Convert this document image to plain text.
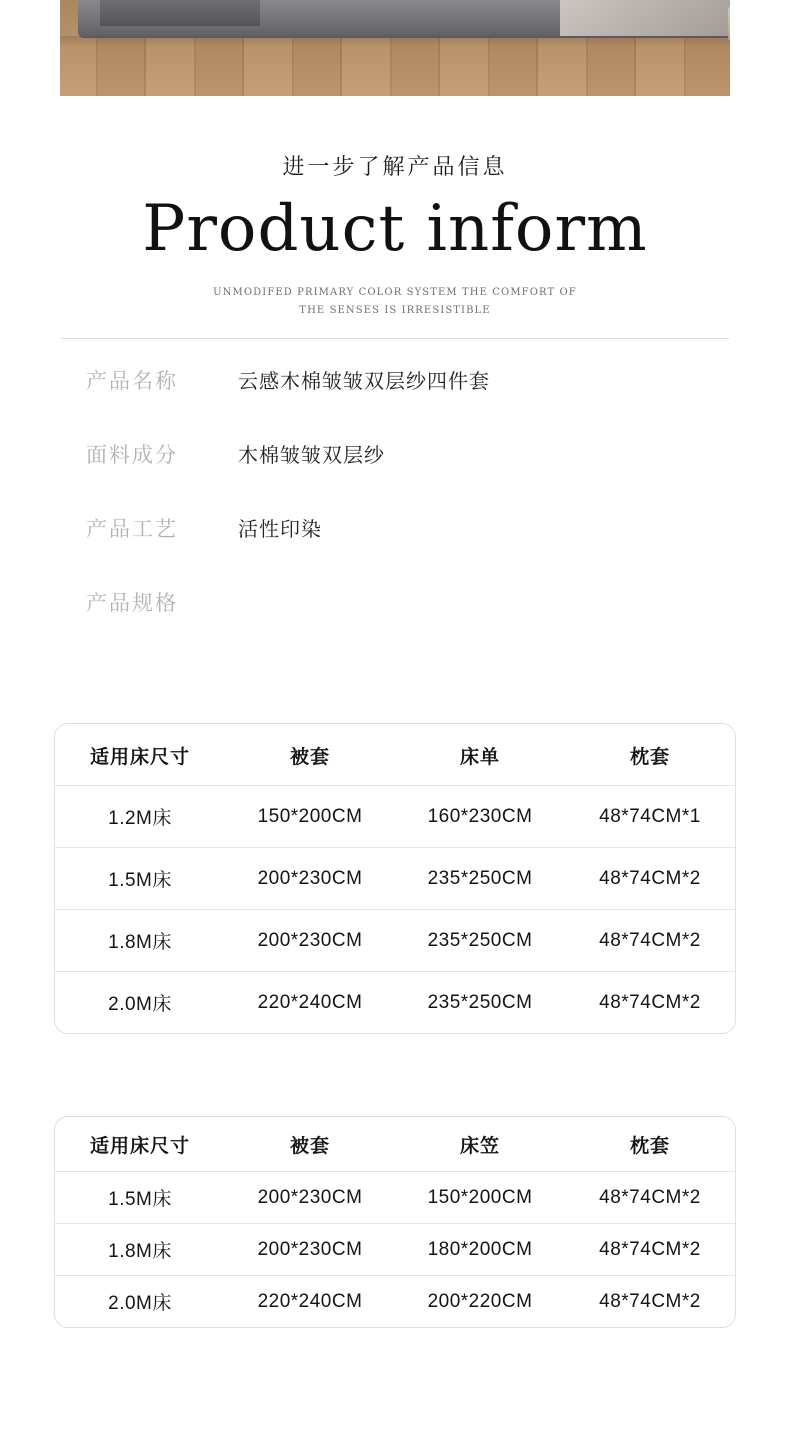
进一步了解产品信息
Product inform
UNMODIFED PRIMARY COLOR SYSTEM THE COMFORT OF
THE SENSES IS IRRESISTIBLE
产品名称	云感木棉皱皱双层纱四件套
面料成分	木棉皱皱双层纱
产品工艺	活性印染
产品规格
适用床尺寸	被套	床单	枕套
1.2M床	150*200CM	160*230CM	48*74CM*1
1.5M床	200*230CM	235*250CM	48*74CM*2
1.8M床	200*230CM	235*250CM	48*74CM*2
2.0M床	220*240CM	235*250CM	48*74CM*2
适用床尺寸	被套	床笠	枕套
1.5M床	200*230CM	150*200CM	48*74CM*2
1.8M床	200*230CM	180*200CM	48*74CM*2
2.0M床	220*240CM	200*220CM	48*74CM*2
